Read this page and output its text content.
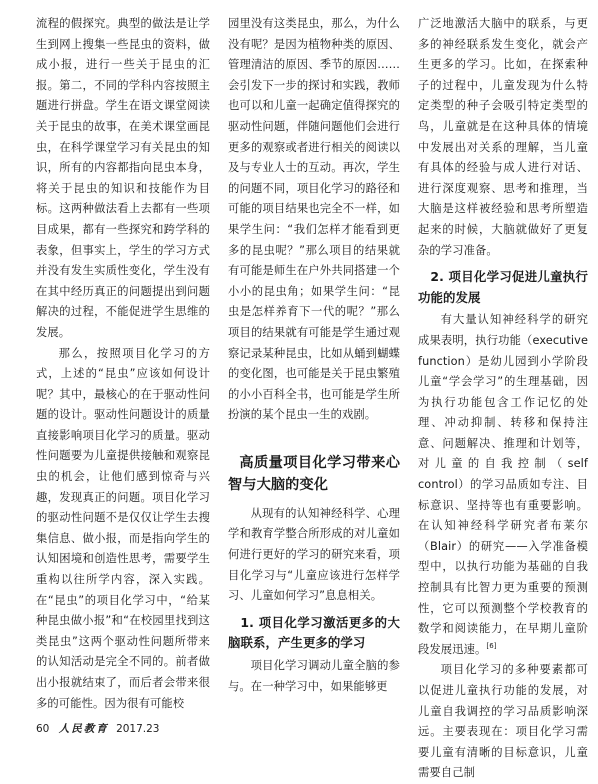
流程的假探究。典型的做法是让学生到网上搜集一些昆虫的资料，做成小报，进行一些关于昆虫的汇报。第二，不同的学科内容按照主题进行拼盘。学生在语文课堂阅读关于昆虫的故事，在美术课堂画昆虫，在科学课堂学习有关昆虫的知识，所有的内容都指向昆虫本身，将关于昆虫的知识和技能作为目标。这两种做法看上去都有一些项目成果，都有一些探究和跨学科的表象，但事实上，学生的学习方式并没有发生实质性变化，学生没有在其中经历真正的问题提出到问题解决的过程，不能促进学生思维的发展。

那么，按照项目化学习的方式，上述的“昆虫”应该如何设计呢？其中，最核心的在于驱动性问题的设计。驱动性问题设计的质量直接影响项目化学习的质量。驱动性问题要为儿童提供接触和观察昆虫的机会，让他们感到惊奇与兴趣，发现真正的问题。项目化学习的驱动性问题不是仅仅让学生去搜集信息、做小报，而是指向学生的认知困境和创造性思考，需要学生重构以往所学内容，深入实践。在“昆虫”的项目化学习中，“给某种昆虫做小报”和“在校园里找到这类昆虫”这两个驱动性问题所带来的认知活动是完全不同的。前者做出小报就结束了，而后者会带来很多的可能性。因为很有可能校

园里没有这类昆虫，那么，为什么没有呢？是因为植物种类的原因、管理清洁的原因、季节的原因……会引发下一步的探讨和实践，教师也可以和儿童一起确定值得探究的驱动性问题，伴随问题他们会进行更多的观察或者进行相关的阅读以及与专业人士的互动。再次，学生的问题不同，项目化学习的路径和可能的项目结果也完全不一样，如果学生问：“我们怎样才能看到更多的昆虫呢？”那么项目的结果就有可能是师生在户外共同搭建一个小小的昆虫角；如果学生问：“昆虫是怎样养育下一代的呢？”那么项目的结果就有可能是学生通过观察记录某种昆虫，比如从蛹到蝴蝶的变化图，也可能是关于昆虫繁殖的小小百科全书，也可能是学生所扮演的某个昆虫一生的戏剧。

高质量项目化学习带来心智与大脑的变化

从现有的认知神经科学、心理学和教育学整合所形成的对儿童如何进行更好的学习的研究来看，项目化学习与“儿童应该进行怎样学习、儿童如何学习”息息相关。

1. 项目化学习激活更多的大脑联系，产生更多的学习

项目化学习调动儿童全脑的参与。在一种学习中，如果能够更

广泛地激活大脑中的联系，与更多的神经联系发生变化，就会产生更多的学习。比如，在探索种子的过程中，儿童发现为什么特定类型的种子会吸引特定类型的鸟，儿童就是在这种具体的情境中发展出对关系的理解，当儿童有具体的经验与成人进行对话、进行深度观察、思考和推理，当大脑是这样被经验和思考所塑造起来的时候，大脑就做好了更复杂的学习准备。

2. 项目化学习促进儿童执行功能的发展

有大量认知神经科学的研究成果表明，执行功能（executive function）是幼儿园到小学阶段儿童“学会学习”的生理基础，因为执行功能包含工作记忆的处理、冲动抑制、转移和保持注意、问题解决、推理和计划等，对儿童的自我控制（self control）的学习品质如专注、目标意识、坚持等也有重要影响。在认知神经科学研究者布莱尔（Blair）的研究——入学准备模型中，以执行功能为基础的自我控制具有比智力更为重要的预测性，它可以预测整个学校教育的数学和阅读能力，在早期儿童阶段发展迅速。[6]

项目化学习的多种要素都可以促进儿童执行功能的发展，对儿童自我调控的学习品质影响深远。主要表现在：项目化学习需要儿童有清晰的目标意识，儿童需要自己制

60 人民教育 2017.23
